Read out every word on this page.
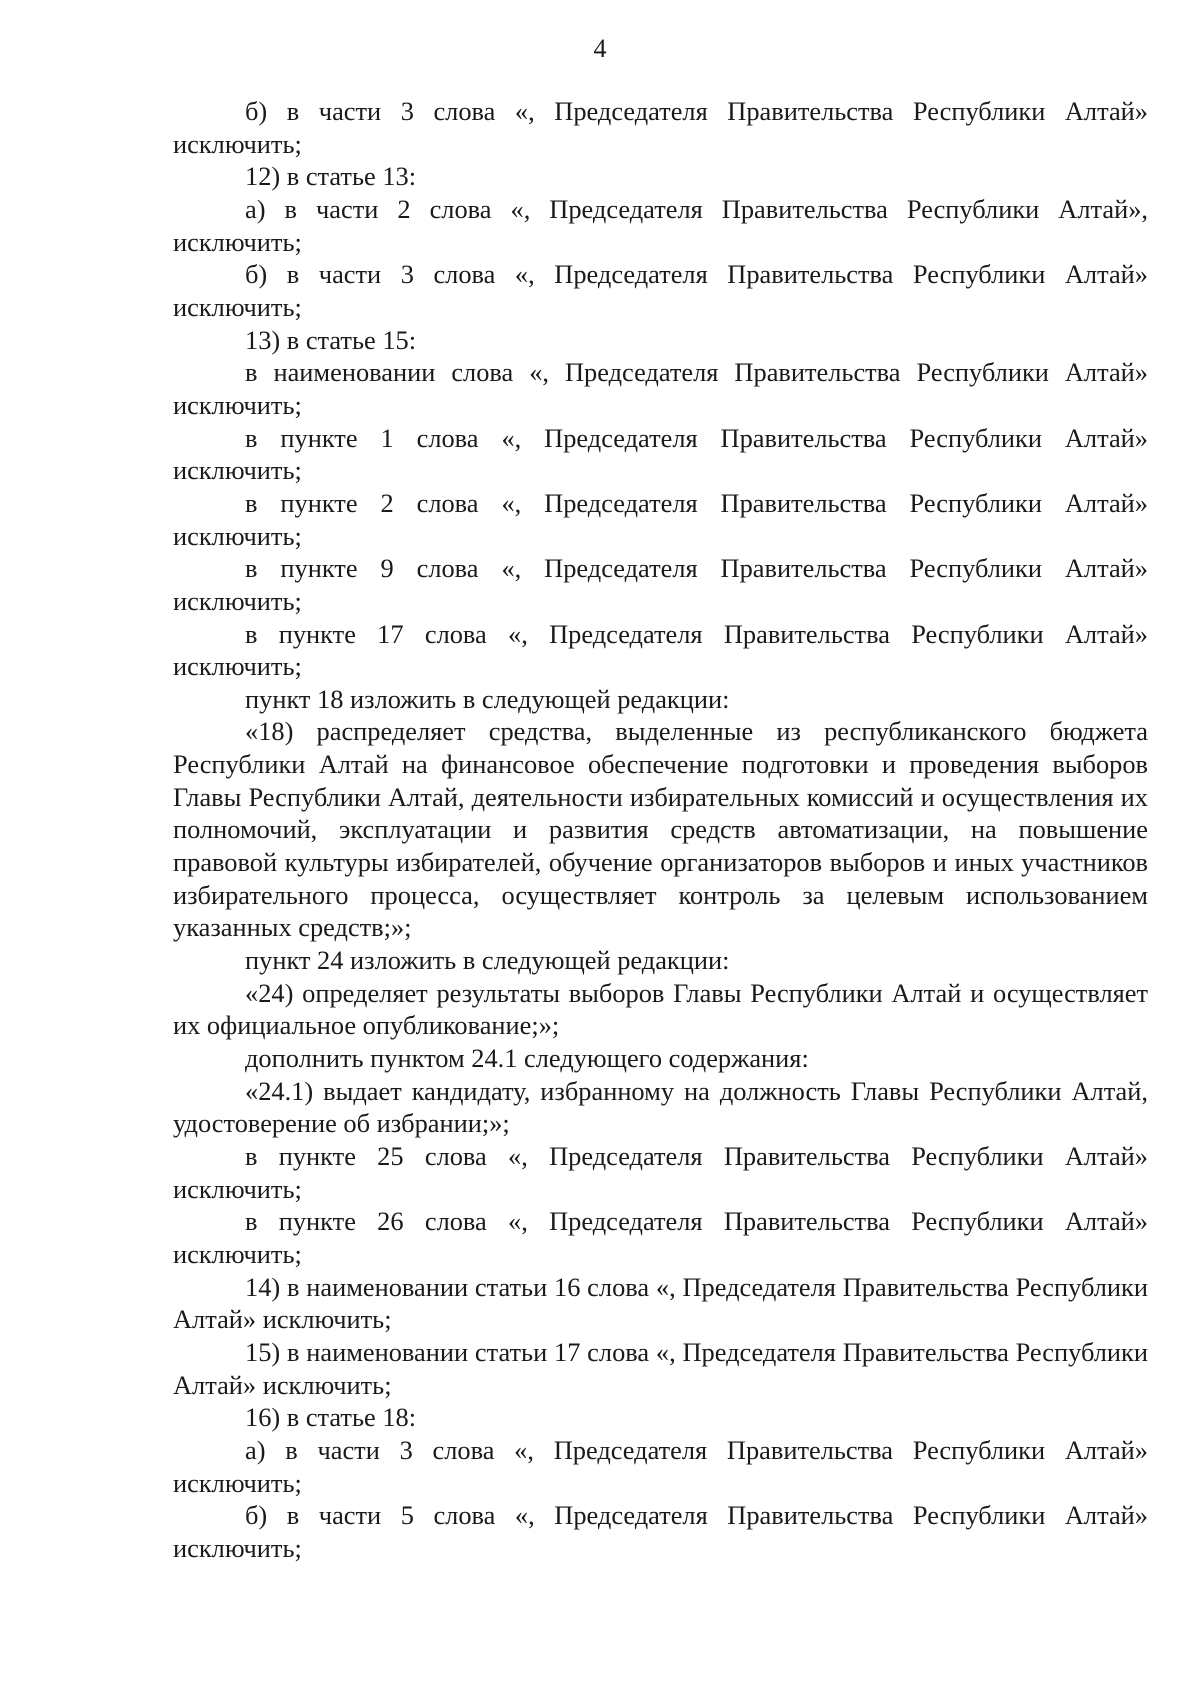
4

б) в части 3 слова «, Председателя Правительства Республики Алтай» исключить;

12) в статье 13:

а) в части 2 слова «, Председателя Правительства Республики Алтай», исключить;

б) в части 3 слова «, Председателя Правительства Республики Алтай» исключить;

13) в статье 15:

в наименовании слова «, Председателя Правительства Республики Алтай» исключить;

в пункте 1 слова «, Председателя Правительства Республики Алтай» исключить;

в пункте 2 слова «, Председателя Правительства Республики Алтай» исключить;

в пункте 9 слова «, Председателя Правительства Республики Алтай» исключить;

в пункте 17 слова «, Председателя Правительства Республики Алтай» исключить;

пункт 18 изложить в следующей редакции:

«18) распределяет средства, выделенные из республиканского бюджета Республики Алтай на финансовое обеспечение подготовки и проведения выборов Главы Республики Алтай, деятельности избирательных комиссий и осуществления их полномочий, эксплуатации и развития средств автоматизации, на повышение правовой культуры избирателей, обучение организаторов выборов и иных участников избирательного процесса, осуществляет контроль за целевым использованием указанных средств;»;

пункт 24 изложить в следующей редакции:

«24) определяет результаты выборов Главы Республики Алтай и осуществляет их официальное опубликование;»;

дополнить пунктом 24.1 следующего содержания:

«24.1) выдает кандидату, избранному на должность Главы Республики Алтай, удостоверение об избрании;»;

в пункте 25 слова «, Председателя Правительства Республики Алтай» исключить;

в пункте 26 слова «, Председателя Правительства Республики Алтай» исключить;

14) в наименовании статьи 16 слова «, Председателя Правительства Республики Алтай» исключить;

15) в наименовании статьи 17 слова «, Председателя Правительства Республики Алтай» исключить;

16) в статье 18:

а) в части 3 слова «, Председателя Правительства Республики Алтай» исключить;

б) в части 5 слова «, Председателя Правительства Республики Алтай» исключить;
